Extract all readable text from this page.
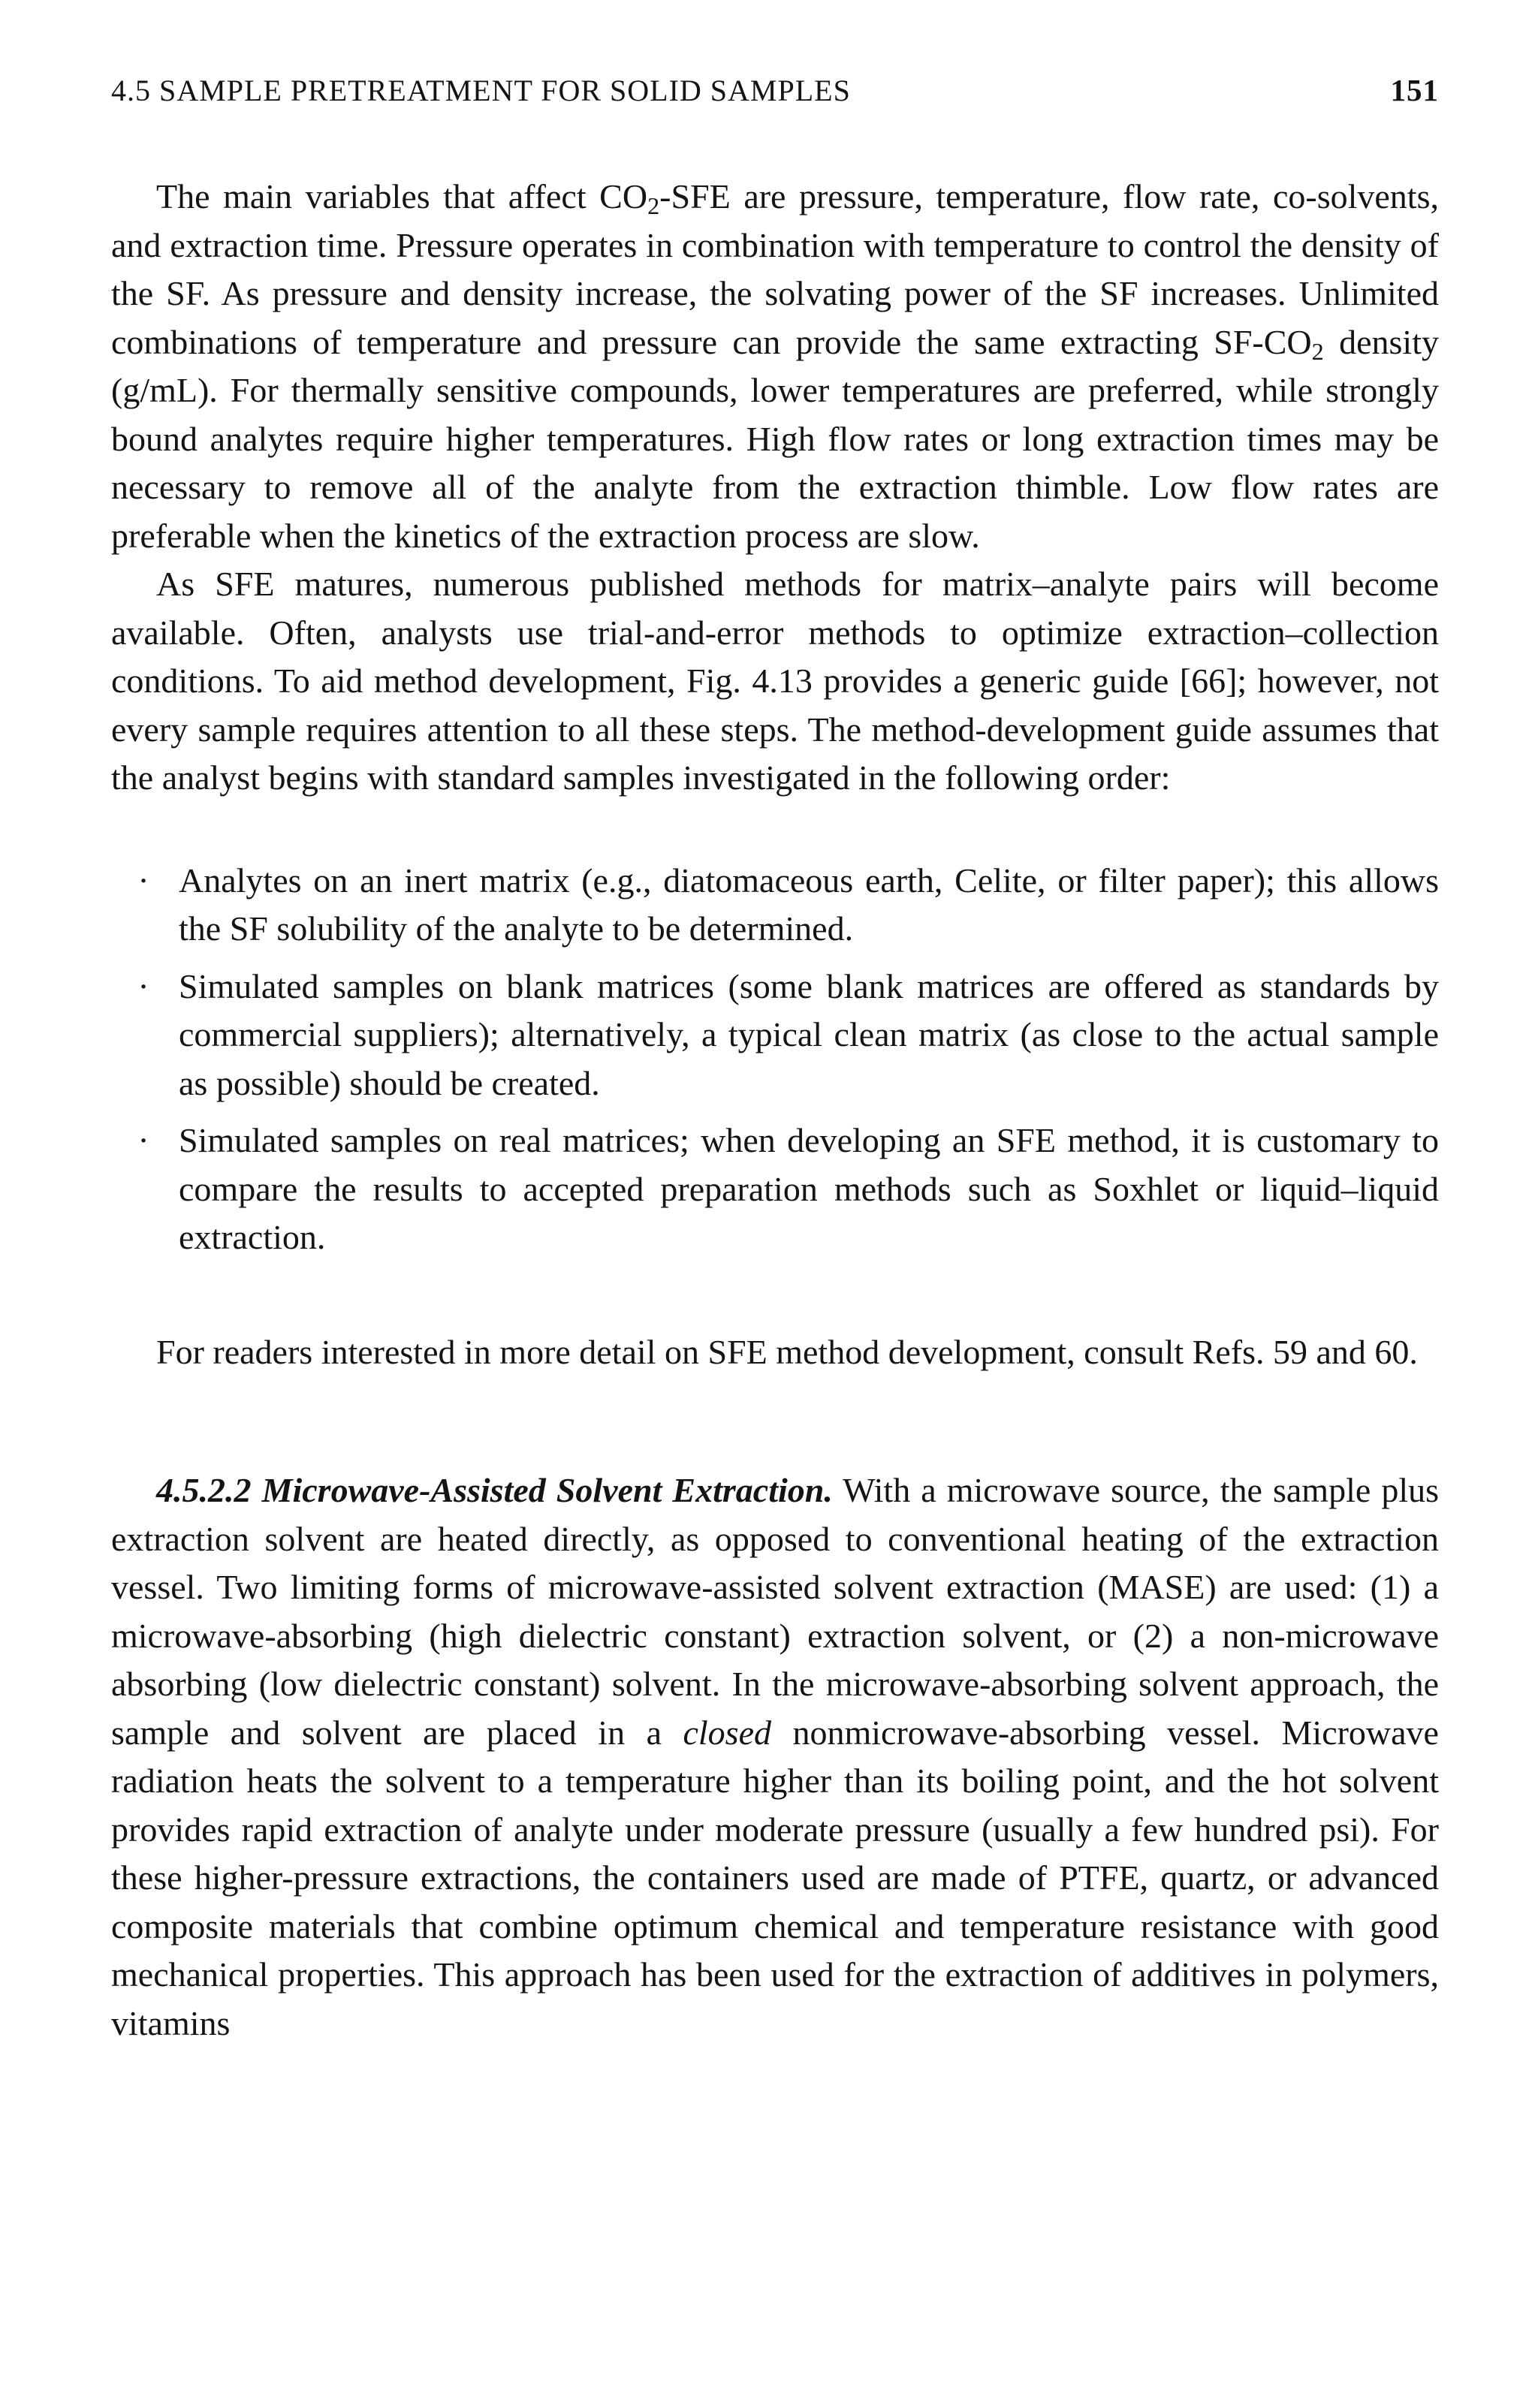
4.5 SAMPLE PRETREATMENT FOR SOLID SAMPLES	151

The main variables that affect $CO_2$-SFE are pressure, temperature, flow rate, co-solvents, and extraction time. Pressure operates in combination with temperature to control the density of the SF. As pressure and density increase, the solvating power of the SF increases. Unlimited combinations of temperature and pressure can provide the same extracting $SF-CO_2$ density (g/mL). For thermally sensitive compounds, lower temperatures are preferred, while strongly bound analytes require higher temperatures. High flow rates or long extraction times may be necessary to remove all of the analyte from the extraction thimble. Low flow rates are preferable when the kinetics of the extraction process are slow.

As SFE matures, numerous published methods for matrix–analyte pairs will become available. Often, analysts use trial-and-error methods to optimize extraction–collection conditions. To aid method development, Fig. 4.13 provides a generic guide [66]; however, not every sample requires attention to all these steps. The method-development guide assumes that the analyst begins with standard samples investigated in the following order:

· Analytes on an inert matrix (e.g., diatomaceous earth, Celite, or filter paper); this allows the SF solubility of the analyte to be determined.
· Simulated samples on blank matrices (some blank matrices are offered as standards by commercial suppliers); alternatively, a typical clean matrix (as close to the actual sample as possible) should be created.
· Simulated samples on real matrices; when developing an SFE method, it is customary to compare the results to accepted preparation methods such as Soxhlet or liquid–liquid extraction.

For readers interested in more detail on SFE method development, consult Refs. 59 and 60.

4.5.2.2 Microwave-Assisted Solvent Extraction. With a microwave source, the sample plus extraction solvent are heated directly, as opposed to conventional heating of the extraction vessel. Two limiting forms of microwave-assisted solvent extraction (MASE) are used: (1) a microwave-absorbing (high dielectric constant) extraction solvent, or (2) a non-microwave absorbing (low dielectric constant) solvent. In the microwave-absorbing solvent approach, the sample and solvent are placed in a closed nonmicrowave-absorbing vessel. Microwave radiation heats the solvent to a temperature higher than its boiling point, and the hot solvent provides rapid extraction of analyte under moderate pressure (usually a few hundred psi). For these higher-pressure extractions, the containers used are made of PTFE, quartz, or advanced composite materials that combine optimum chemical and temperature resistance with good mechanical properties. This approach has been used for the extraction of additives in polymers, vitamins
